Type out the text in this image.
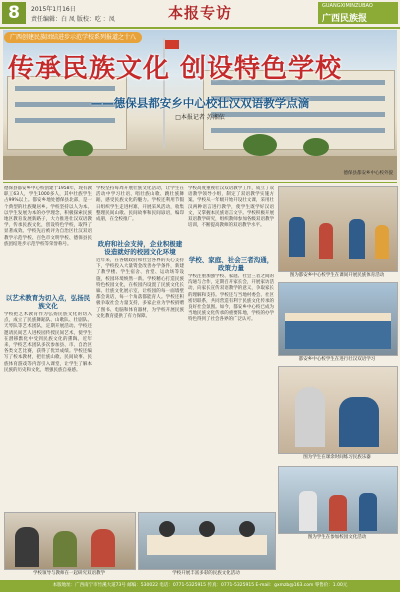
8	2015年1月16日
责任编辑：白 凤 版校：吃 ：凤	本报专访	GUANGXIMINZUBAO
广西民族报
德保县都安乡中心校外貌
广西创建民族团结进步示范学校系列报道之十八
传承民族文化 创设特色学校
——德保县都安乡中心校壮汉双语教学点滴
□本报记者 苏湘依
德保县都安乡中心校创建于1958年，现有教职工63人，学生1000多人，其中壮族学生占99%以上。都安乡地处德保县北部，是一个典型的壮族聚居乡。学校坚持以人为本、以学生发展为本的办学理念，积极探索民族地区教育发展新路子，大力推进壮汉双语教学，传承民族文化，创设特色学校，取得了显著成效。学校先后被评为自治区壮汉双语教学示范学校、百色市文明学校、德保县民族团结进步示范学校等荣誉称号。
以艺术教育为切入点，弘扬民族文化
学校把艺术教育作为弘扬民族文化的切入点，成立了民族舞蹈队、山歌队、壮剧队、天琴队等艺术团队，定期开展活动。学校还邀请民间艺人进校园传授民间艺术，使学生在潜移默化中受到民族文化的熏陶。近年来，学校艺术团队多次参加县、市、自治区各类文艺比赛，获得了优异成绩。学校还编写了校本教材，把壮族山歌、民间故事、民族体育游戏等内容引入课堂，让学生了解本民族的历史和文化，增强民族自豪感。
学校坚持每周开展壮族文化活动，让学生在活动中学习壮语、唱壮族山歌、跳壮族舞蹈，感受民族文化的魅力。学校还利用节假日组织学生走进村寨，开展采风活动，收集整理民间山歌、民间故事和民间谚语，编印成册，在全校推广。
政府和社会支持，企业积极建设造就好的校园文化环境
近年来，在各级政府和社会各界的关心支持下，学校投入大量资金改善办学条件，新建了教学楼、学生宿舍、食堂、运动场等设施，校园环境焕然一新。学校精心打造民族特色校园文化，在校园内设置了民族文化长廊、壮族文化展示室，让校园的每一面墙壁都会说话，每一个角落都能育人。学校还积极争取社会力量支持，多家企业为学校捐赠了图书、电脑和体育器材，为学校开展民族文化教育提供了有力保障。
学校高度重视壮汉双语教学工作，成立了双语教学领导小组，制定了双语教学实施方案。学校从一年级开始开设壮文课，采用壮汉两种语言进行教学，使学生既学好汉语文，又掌握本民族语言文字。学校积极开展双语教学研究，组织教师参加各级双语教学培训，不断提高教师的双语教学水平。
学校、家庭、社会三者沟通，政策力量
学校注重加强学校、家庭、社会三者之间的沟通与合作，定期召开家长会，开展家访活动，向家长宣传双语教学的意义，争取家长的理解和支持。学校还与当地村委会、社区密切联系，共同营造有利于民族文化传承的良好社会氛围。如今，都安乡中心校已成为当地民族文化传承的重要阵地，学校的办学特色得到了社会各界的广泛认可。
图为都安乡中心校学生在课间开展民族体育活动
都安乡中心校学生在进行壮汉双语学习
图为学生在课余时间练习民族乐器
图为学生在参加校园文化活动
学校领导与教师在一起研究双语教学	学校开展丰富多彩的民族文化活动
本版地址：广西南宁市竹溪大道73号 邮编：530022 电话：0771-5325915 传真：0771-5325915 E-mail：gxmzb@163.com 零售价：1.00元
